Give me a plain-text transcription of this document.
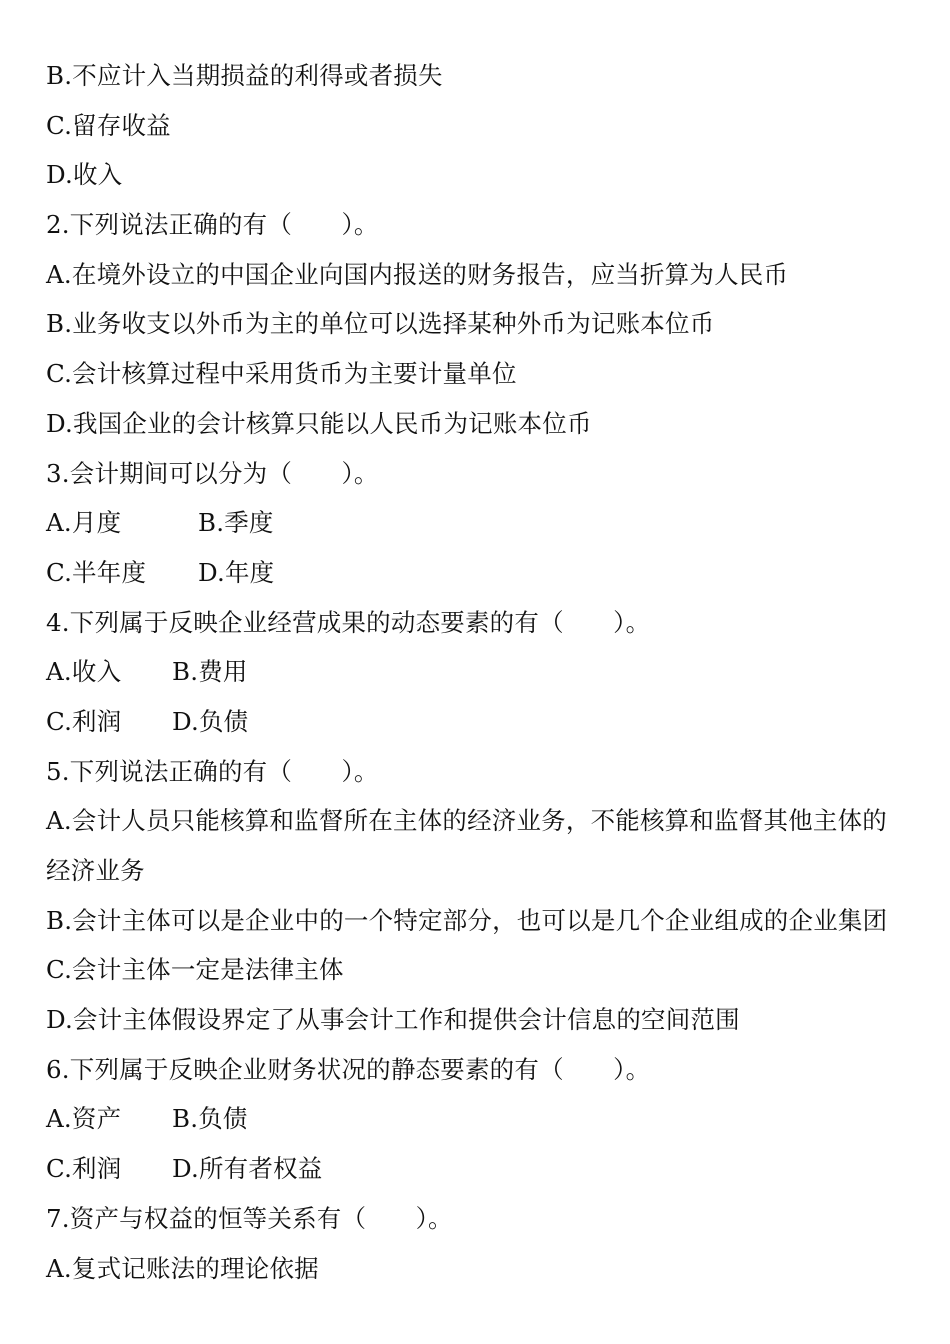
B.不应计入当期损益的利得或者损失
C.留存收益
D.收入
2.下列说法正确的有（　　）。
A.在境外设立的中国企业向国内报送的财务报告，应当折算为人民币
B.业务收支以外币为主的单位可以选择某种外币为记账本位币
C.会计核算过程中采用货币为主要计量单位
D.我国企业的会计核算只能以人民币为记账本位币
3.会计期间可以分为（　　）。
A.月度	B.季度
C.半年度 D.年度
4.下列属于反映企业经营成果的动态要素的有（　　）。
A.收入 B.费用
C.利润 D.负债
5.下列说法正确的有（　　）。
A.会计人员只能核算和监督所在主体的经济业务，不能核算和监督其他主体的
经济业务
B.会计主体可以是企业中的一个特定部分，也可以是几个企业组成的企业集团
C.会计主体一定是法律主体
D.会计主体假设界定了从事会计工作和提供会计信息的空间范围
6.下列属于反映企业财务状况的静态要素的有（　　）。
A.资产 B.负债
C.利润 D.所有者权益
7.资产与权益的恒等关系有（　　）。
A.复式记账法的理论依据
